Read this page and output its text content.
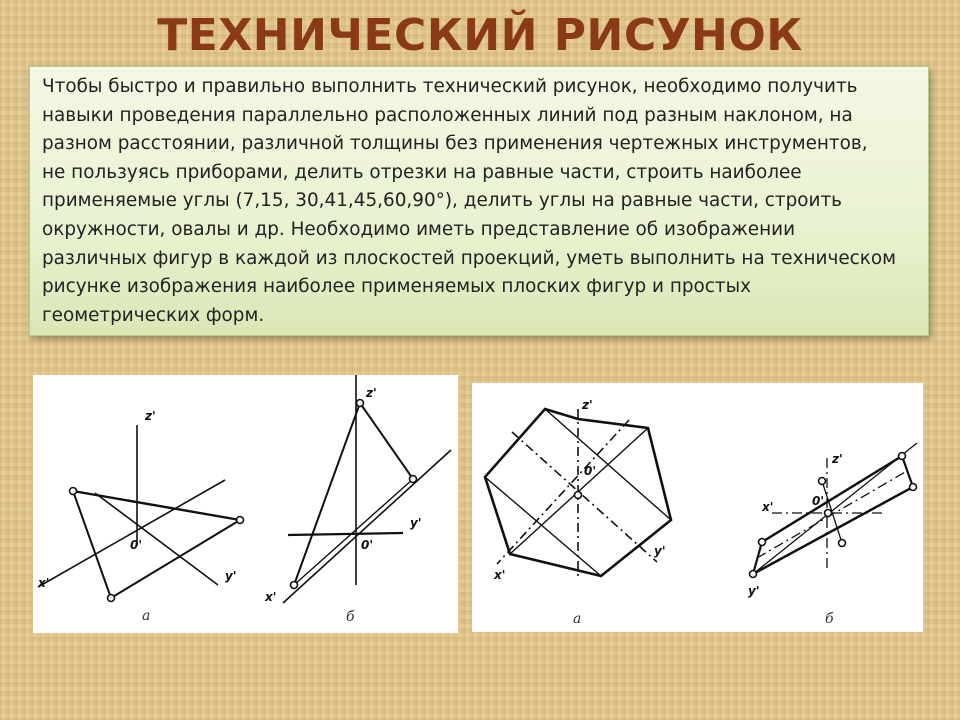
ТЕХНИЧЕСКИЙ РИСУНОК
Чтобы быстро и правильно выполнить технический рисунок, необходимо получить
навыки проведения параллельно расположенных линий под разным наклоном, на
разном расстоянии, различной толщины без применения чертежных инструментов,
не пользуясь приборами, делить отрезки на равные части, строить наиболее
применяемые углы (7,15, 30,41,45,60,90°), делить углы на равные части, строить
окружности, овалы и др. Необходимо иметь представление об изображении
различных фигур в каждой из плоскостей проекций, уметь выполнить на техническом
рисунке изображения наиболее применяемых плоских фигур и простых
геометрических форм.
z'
0'
x'	y'
а
z'
0'
x'
y'
б
z'
0'
x'
y'
а
z'
0'
x'
y'
б
